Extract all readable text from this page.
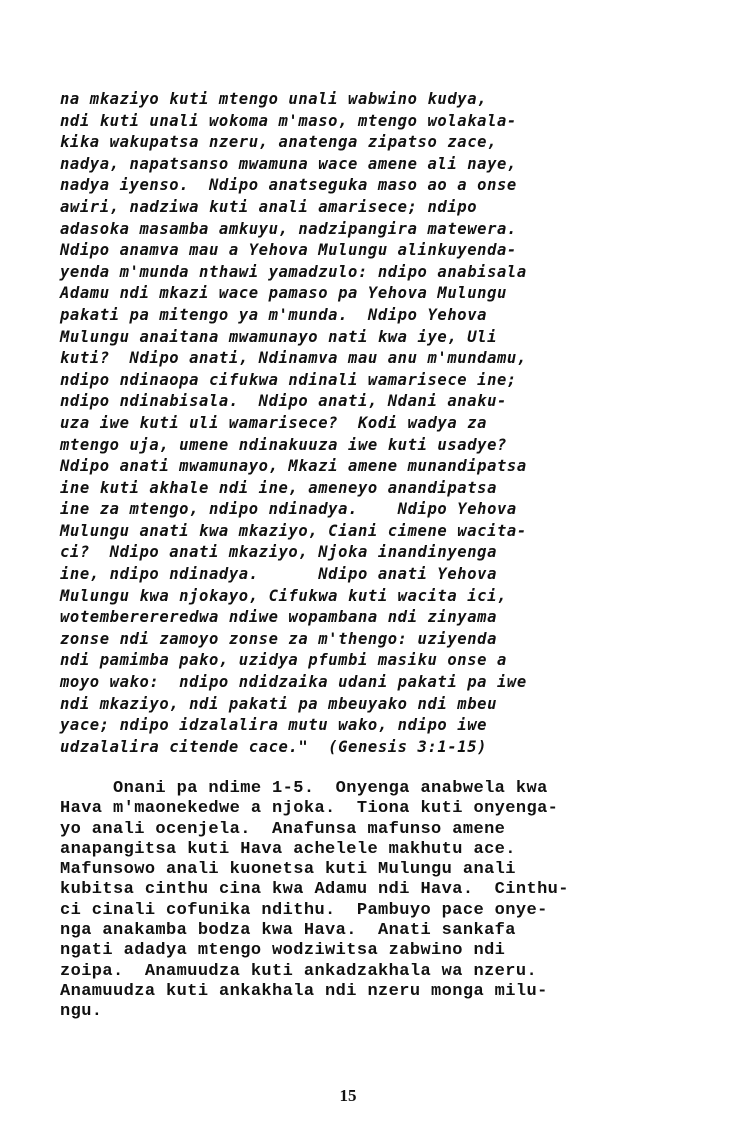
na mkaziyo kuti mtengo unali wabwino kudya,
ndi kuti unali wokoma m'maso, mtengo wolakala-
kika wakupatsa nzeru, anatenga zipatso zace,
nadya, napatsanso mwamuna wace amene ali naye,
nadya iyenso.  Ndipo anatseguka maso ao a onse
awiri, nadziwa kuti anali amarisece; ndipo
adasoka masamba amkuyu, nadzipangira matewera.
Ndipo anamva mau a Yehova Mulungu alinkuyenda-
yenda m'munda nthawi yamadzulo: ndipo anabisala
Adamu ndi mkazi wace pamaso pa Yehova Mulungu
pakati pa mitengo ya m'munda.  Ndipo Yehova
Mulungu anaitana mwamunayo nati kwa iye, Uli
kuti?  Ndipo anati, Ndinamva mau anu m'mundamu,
ndipo ndinaopa cifukwa ndinali wamarisece ine;
ndipo ndinabisala.  Ndipo anati, Ndani anaku-
uza iwe kuti uli wamarisece?  Kodi wadya za
mtengo uja, umene ndinakuuza iwe kuti usadye?
Ndipo anati mwamunayo, Mkazi amene munandipatsa
ine kuti akhale ndi ine, ameneyo anandipatsa
ine za mtengo, ndipo ndinadya.    Ndipo Yehova
Mulungu anati kwa mkaziyo, Ciani cimene wacita-
ci?  Ndipo anati mkaziyo, Njoka inandinyenga
ine, ndipo ndinadya.      Ndipo anati Yehova
Mulungu kwa njokayo, Cifukwa kuti wacita ici,
wotemberereredwa ndiwe wopambana ndi zinyama
zonse ndi zamoyo zonse za m'thengo: uziyenda
ndi pamimba pako, uzidya pfumbi masiku onse a
moyo wako:  ndipo ndidzaika udani pakati pa iwe
ndi mkaziyo, ndi pakati pa mbeuyako ndi mbeu
yace; ndipo idzalalira mutu wako, ndipo iwe
udzalalira citende cace."  (Genesis 3:1-15)
Onani pa ndime 1-5.  Onyenga anabwela kwa
Hava m'maonekedwe a njoka.  Tiona kuti onyenga-
yo anali ocenjela.  Anafunsa mafunso amene
anapangitsa kuti Hava achelele makhutu ace.
Mafunsowo anali kuonetsa kuti Mulungu anali
kubitsa cinthu cina kwa Adamu ndi Hava.  Cinthu-
ci cinali cofunika ndithu.  Pambuyo pace onye-
nga anakamba bodza kwa Hava.  Anati sankafa
ngati adadya mtengo wodziwitsa zabwino ndi
zoipa.  Anamuudza kuti ankadzakhala wa nzeru.
Anamuudza kuti ankakhala ndi nzeru monga milu-
ngu.
15
